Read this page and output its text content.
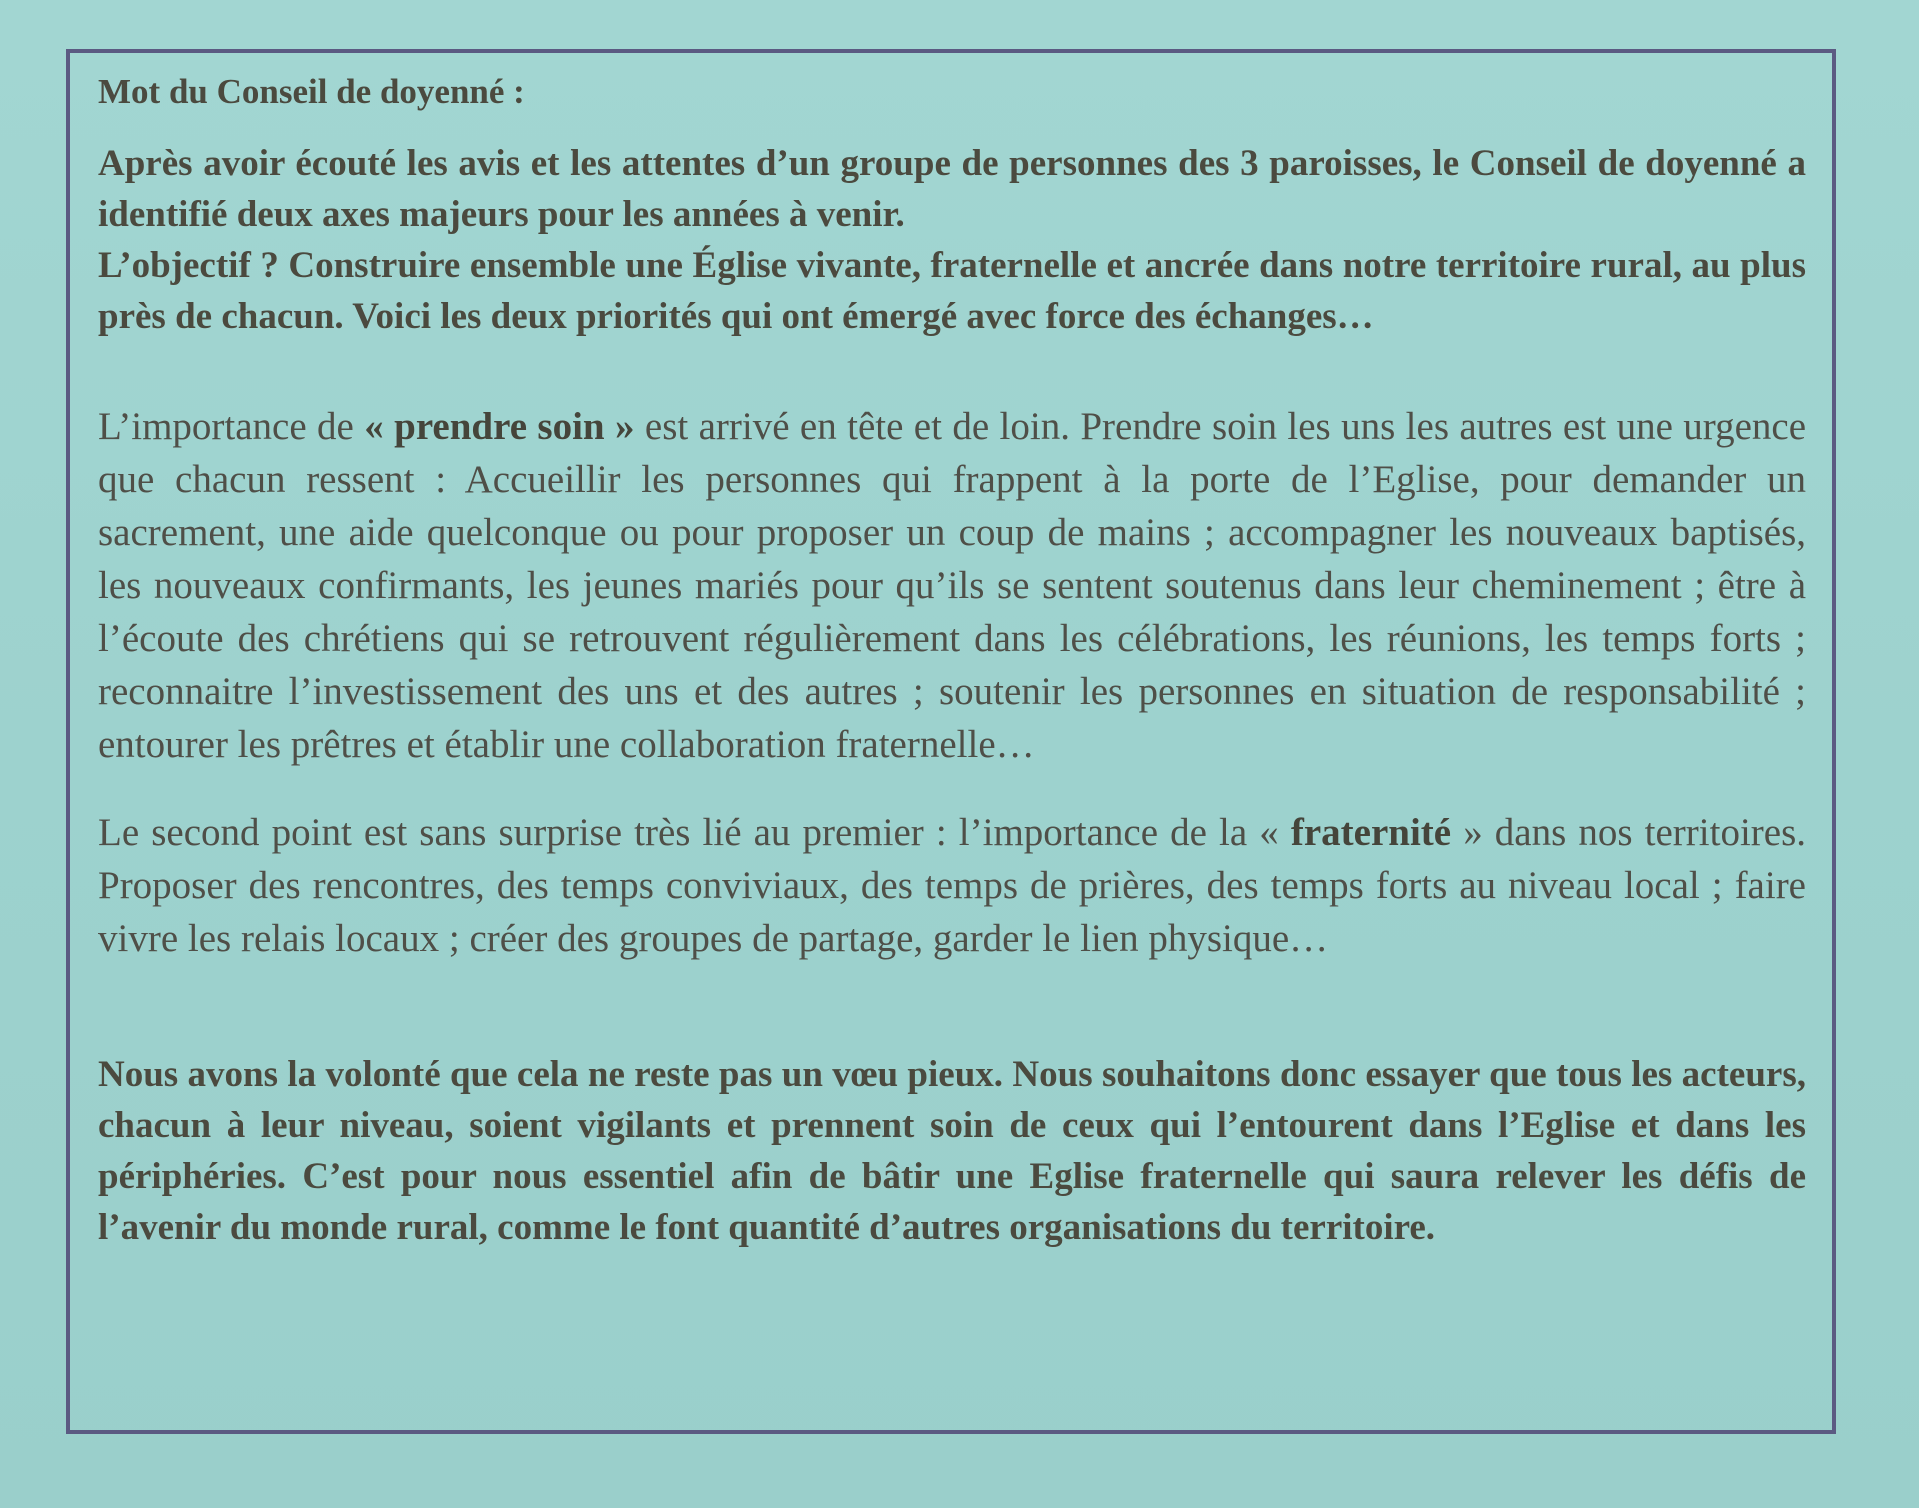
Mot du Conseil de doyenné :

Après avoir écouté les avis et les attentes d’un groupe de personnes des 3 paroisses, le Conseil de doyenné a identifié deux axes majeurs pour les années à venir.
L’objectif ? Construire ensemble une Église vivante, fraternelle et ancrée dans notre territoire rural, au plus près de chacun. Voici les deux priorités qui ont émergé avec force des échanges…

L’importance de « prendre soin » est arrivé en tête et de loin. Prendre soin les uns les autres est une urgence que chacun ressent : Accueillir les personnes qui frappent à la porte de l’Eglise, pour demander un sacrement, une aide quelconque ou pour proposer un coup de mains ; accompagner les nouveaux baptisés, les nouveaux confirmants, les jeunes mariés pour qu’ils se sentent soutenus dans leur cheminement ; être à l’écoute des chrétiens qui se retrouvent régulièrement dans les célébrations, les réunions, les temps forts ; reconnaitre l’investissement des uns et des autres ; soutenir les personnes en situation de responsabilité ; entourer les prêtres et établir une collaboration fraternelle…

Le second point est sans surprise très lié au premier : l’importance de la « fraternité » dans nos territoires. Proposer des rencontres, des temps conviviaux, des temps de prières, des temps forts au niveau local ; faire vivre les relais locaux ; créer des groupes de partage, garder le lien physique…

Nous avons la volonté que cela ne reste pas un vœu pieux. Nous souhaitons donc essayer que tous les acteurs, chacun à leur niveau, soient vigilants et prennent soin de ceux qui l’entourent dans l’Eglise et dans les périphéries. C’est pour nous essentiel afin de bâtir une Eglise fraternelle qui saura relever les défis de l’avenir du monde rural, comme le font quantité d’autres organisations du territoire.
